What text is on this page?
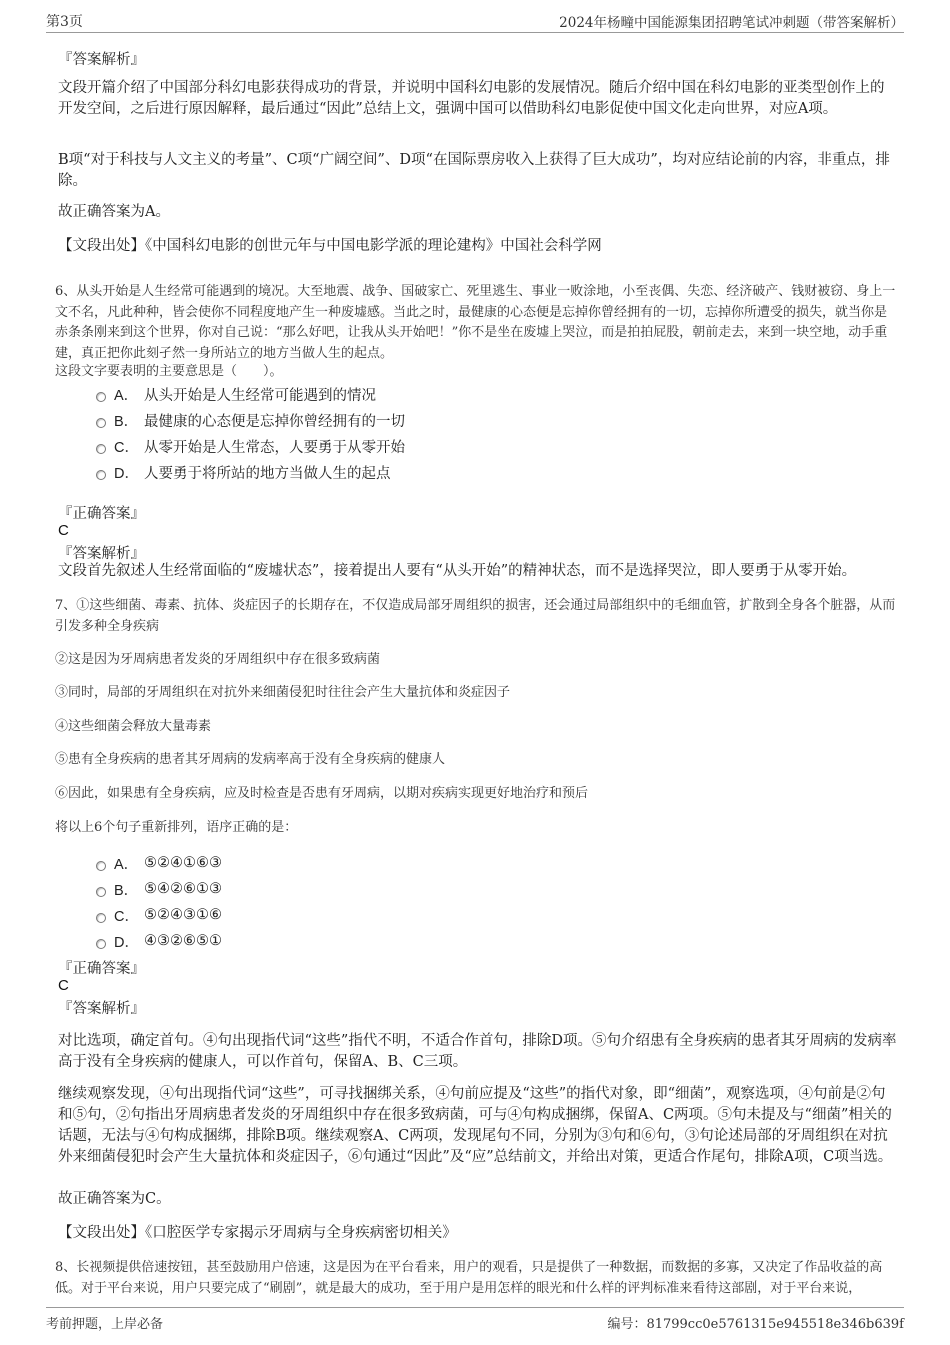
第3页	2024年杨疃中国能源集团招聘笔试冲刺题（带答案解析）
『答案解析』
文段开篇介绍了中国部分科幻电影获得成功的背景，并说明中国科幻电影的发展情况。随后介绍中国在科幻电影的亚类型创作上的开发空间，之后进行原因解释，最后通过“因此”总结上文，强调中国可以借助科幻电影促使中国文化走向世界，对应A项。
B项“对于科技与人文主义的考量”、C项“广阔空间”、D项“在国际票房收入上获得了巨大成功”，均对应结论前的内容，非重点，排除。
故正确答案为A。
【文段出处】《中国科幻电影的创世元年与中国电影学派的理论建构》中国社会科学网
6、从头开始是人生经常可能遇到的境况。大至地震、战争、国破家亡、死里逃生、事业一败涂地，小至丧偶、失恋、经济破产、钱财被窃、身上一文不名，凡此种种，皆会使你不同程度地产生一种废墟感。当此之时，最健康的心态便是忘掉你曾经拥有的一切，忘掉你所遭受的损失，就当你是赤条条刚来到这个世界，你对自己说：“那么好吧，让我从头开始吧！”你不是坐在废墟上哭泣，而是拍拍屁股，朝前走去，来到一块空地，动手重建，真正把你此刻孑然一身所站立的地方当做人生的起点。
这段文字要表明的主要意思是（　　）。
A． 从头开始是人生经常可能遇到的情况
B． 最健康的心态便是忘掉你曾经拥有的一切
C． 从零开始是人生常态，人要勇于从零开始
D． 人要勇于将所站的地方当做人生的起点
『正确答案』
C
『答案解析』
文段首先叙述人生经常面临的“废墟状态”，接着提出人要有“从头开始”的精神状态，而不是选择哭泣，即人要勇于从零开始。
7、①这些细菌、毒素、抗体、炎症因子的长期存在，不仅造成局部牙周组织的损害，还会通过局部组织中的毛细血管，扩散到全身各个脏器，从而引发多种全身疾病
②这是因为牙周病患者发炎的牙周组织中存在很多致病菌
③同时，局部的牙周组织在对抗外来细菌侵犯时往往会产生大量抗体和炎症因子
④这些细菌会释放大量毒素
⑤患有全身疾病的患者其牙周病的发病率高于没有全身疾病的健康人
⑥因此，如果患有全身疾病，应及时检查是否患有牙周病，以期对疾病实现更好地治疗和预后
将以上6个句子重新排列，语序正确的是：
A． ⑤②④①⑥③
B． ⑤④②⑥①③
C． ⑤②④③①⑥
D． ④③②⑥⑤①
『正确答案』
C
『答案解析』
对比选项，确定首句。④句出现指代词“这些”指代不明，不适合作首句，排除D项。⑤句介绍患有全身疾病的患者其牙周病的发病率高于没有全身疾病的健康人，可以作首句，保留A、B、C三项。
继续观察发现，④句出现指代词“这些”，可寻找捆绑关系，④句前应提及“这些”的指代对象，即“细菌”，观察选项，④句前是②句和⑤句，②句指出牙周病患者发炎的牙周组织中存在很多致病菌，可与④句构成捆绑，保留A、C两项。⑤句未提及与“细菌”相关的话题，无法与④句构成捆绑，排除B项。继续观察A、C两项，发现尾句不同，分别为③句和⑥句，③句论述局部的牙周组织在对抗外来细菌侵犯时会产生大量抗体和炎症因子，⑥句通过“因此”及“应”总结前文，并给出对策，更适合作尾句，排除A项，C项当选。
故正确答案为C。
【文段出处】《口腔医学专家揭示牙周病与全身疾病密切相关》
8、长视频提供倍速按钮，甚至鼓励用户倍速，这是因为在平台看来，用户的观看，只是提供了一种数据，而数据的多寡，又决定了作品收益的高低。对于平台来说，用户只要完成了“刷剧”，就是最大的成功，至于用户是用怎样的眼光和什么样的评判标准来看待这部剧，对于平台来说，
考前押题，上岸必备	编号：81799cc0e5761315e945518e346b639f
